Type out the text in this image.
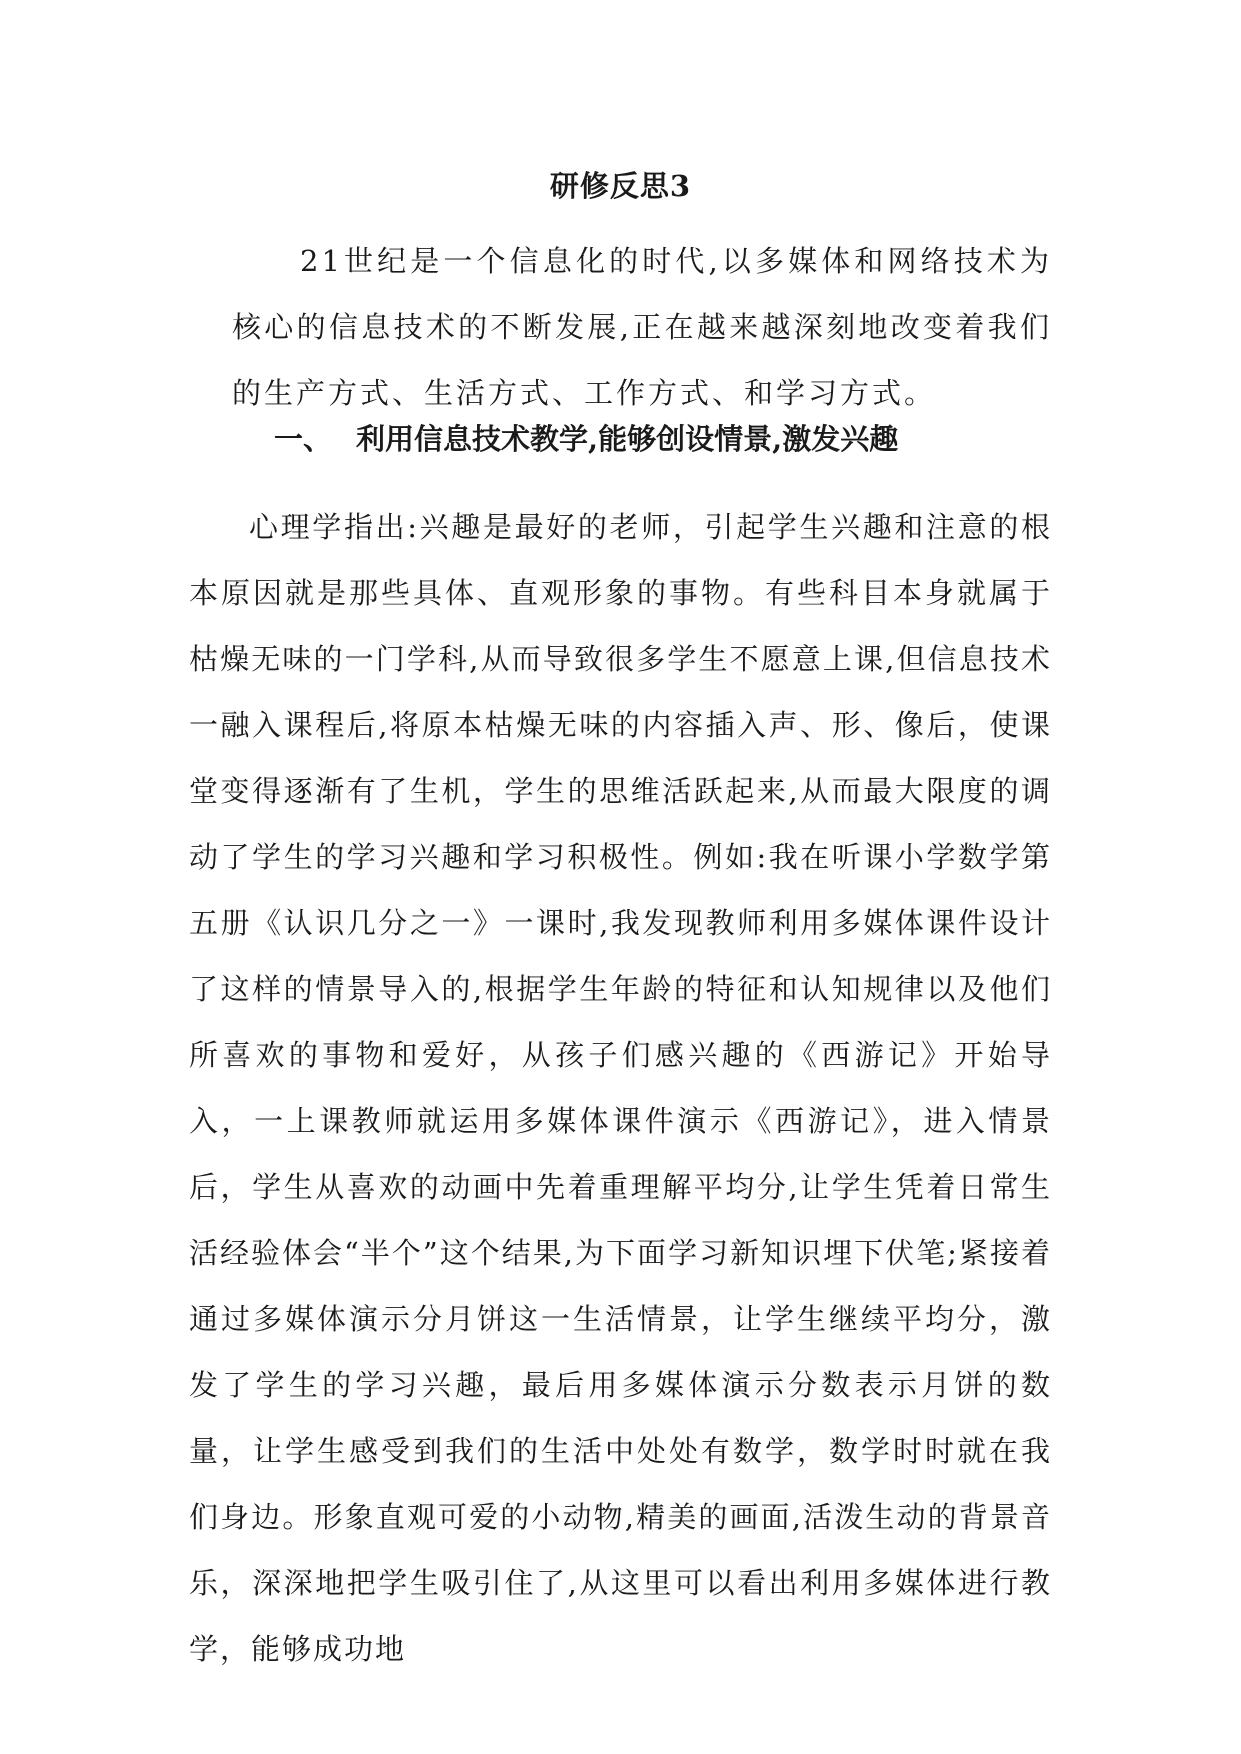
研修反思3

21世纪是一个信息化的时代,以多媒体和网络技术为核心的信息技术的不断发展,正在越来越深刻地改变着我们的生产方式、生活方式、工作方式、和学习方式。

一、 利用信息技术教学,能够创设情景,激发兴趣

心理学指出:兴趣是最好的老师，引起学生兴趣和注意的根本原因就是那些具体、直观形象的事物。有些科目本身就属于枯燥无味的一门学科,从而导致很多学生不愿意上课,但信息技术一融入课程后,将原本枯燥无味的内容插入声、形、像后，使课堂变得逐渐有了生机，学生的思维活跃起来,从而最大限度的调动了学生的学习兴趣和学习积极性。例如:我在听课小学数学第五册《认识几分之一》一课时,我发现教师利用多媒体课件设计了这样的情景导入的,根据学生年龄的特征和认知规律以及他们所喜欢的事物和爱好，从孩子们感兴趣的《西游记》开始导入，一上课教师就运用多媒体课件演示《西游记》，进入情景后，学生从喜欢的动画中先着重理解平均分,让学生凭着日常生活经验体会“半个”这个结果,为下面学习新知识埋下伏笔;紧接着通过多媒体演示分月饼这一生活情景，让学生继续平均分，激发了学生的学习兴趣，最后用多媒体演示分数表示月饼的数量，让学生感受到我们的生活中处处有数学，数学时时就在我们身边。形象直观可爱的小动物,精美的画面,活泼生动的背景音乐，深深地把学生吸引住了,从这里可以看出利用多媒体进行教学，能够成功地
